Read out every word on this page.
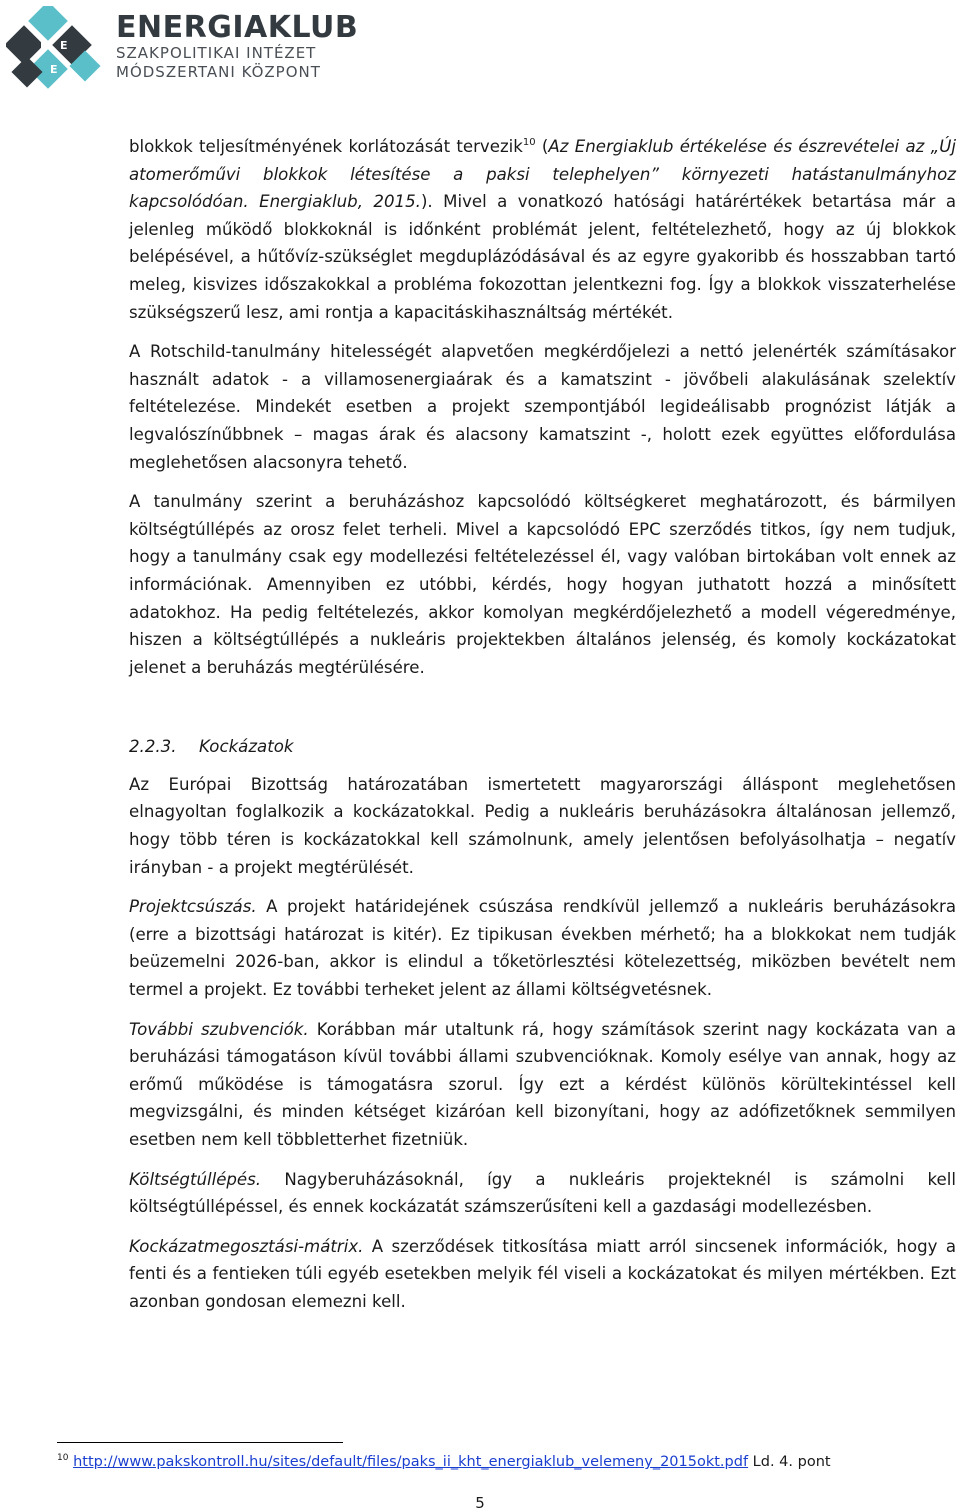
E E
E
ENERGIAKLUB
SZAKPOLITIKAI INTÉZET
MÓDSZERTANI KÖZPONT

blokkok teljesítményének korlátozását tervezik$^{10}$ (Az Energiaklub értékelése és észrevételei az „Új atomerőművi blokkok létesítése a paksi telephelyen” környezeti hatástanulmányhoz kapcsolódóan. Energiaklub, 2015.). Mivel a vonatkozó hatósági határértékek betartása már a jelenleg működő blokkoknál is időnként problémát jelent, feltételezhető, hogy az új blokkok belépésével, a hűtővíz-szükséglet megduplázódásával és az egyre gyakoribb és hosszabban tartó meleg, kisvizes időszakokkal a probléma fokozottan jelentkezni fog. Így a blokkok visszaterhelése szükségszerű lesz, ami rontja a kapacitáskihasználtság mértékét.

A Rotschild-tanulmány hitelességét alapvetően megkérdőjelezi a nettó jelenérték számításakor használt adatok - a villamosenergiaárak és a kamatszint - jövőbeli alakulásának szelektív feltételezése. Mindekét esetben a projekt szempontjából legideálisabb prognózist látják a legvalószínűbbnek – magas árak és alacsony kamatszint -, holott ezek együttes előfordulása meglehetősen alacsonyra tehető.

A tanulmány szerint a beruházáshoz kapcsolódó költségkeret meghatározott, és bármilyen költségtúllépés az orosz felet terheli. Mivel a kapcsolódó EPC szerződés titkos, így nem tudjuk, hogy a tanulmány csak egy modellezési feltételezéssel él, vagy valóban birtokában volt ennek az információnak. Amennyiben ez utóbbi, kérdés, hogy hogyan juthatott hozzá a minősített adatokhoz. Ha pedig feltételezés, akkor komolyan megkérdőjelezhető a modell végeredménye, hiszen a költségtúllépés a nukleáris projektekben általános jelenség, és komoly kockázatokat jelenet a beruházás megtérülésére.

2.2.3. Kockázatok

Az Európai Bizottság határozatában ismertetett magyarországi álláspont meglehetősen elnagyoltan foglalkozik a kockázatokkal. Pedig a nukleáris beruházásokra általánosan jellemző, hogy több téren is kockázatokkal kell számolnunk, amely jelentősen befolyásolhatja – negatív irányban - a projekt megtérülését.

Projektcsúszás. A projekt határidejének csúszása rendkívül jellemző a nukleáris beruházásokra (erre a bizottsági határozat is kitér). Ez tipikusan években mérhető; ha a blokkokat nem tudják beüzemelni 2026-ban, akkor is elindul a tőketörlesztési kötelezettség, miközben bevételt nem termel a projekt. Ez további terheket jelent az állami költségvetésnek.

További szubvenciók. Korábban már utaltunk rá, hogy számítások szerint nagy kockázata van a beruházási támogatáson kívül további állami szubvencióknak. Komoly esélye van annak, hogy az erőmű működése is támogatásra szorul. Így ezt a kérdést különös körültekintéssel kell megvizsgálni, és minden kétséget kizáróan kell bizonyítani, hogy az adófizetőknek semmilyen esetben nem kell többletterhet fizetniük.

Költségtúllépés. Nagyberuházásoknál, így a nukleáris projekteknél is számolni kell költségtúllépéssel, és ennek kockázatát számszerűsíteni kell a gazdasági modellezésben.

Kockázatmegosztási-mátrix. A szerződések titkosítása miatt arról sincsenek információk, hogy a fenti és a fentieken túli egyéb esetekben melyik fél viseli a kockázatokat és milyen mértékben. Ezt azonban gondosan elemezni kell.

$^{10}$ http://www.pakskontroll.hu/sites/default/files/paks_ii_kht_energiaklub_velemeny_2015okt.pdf Ld. 4. pont
5
